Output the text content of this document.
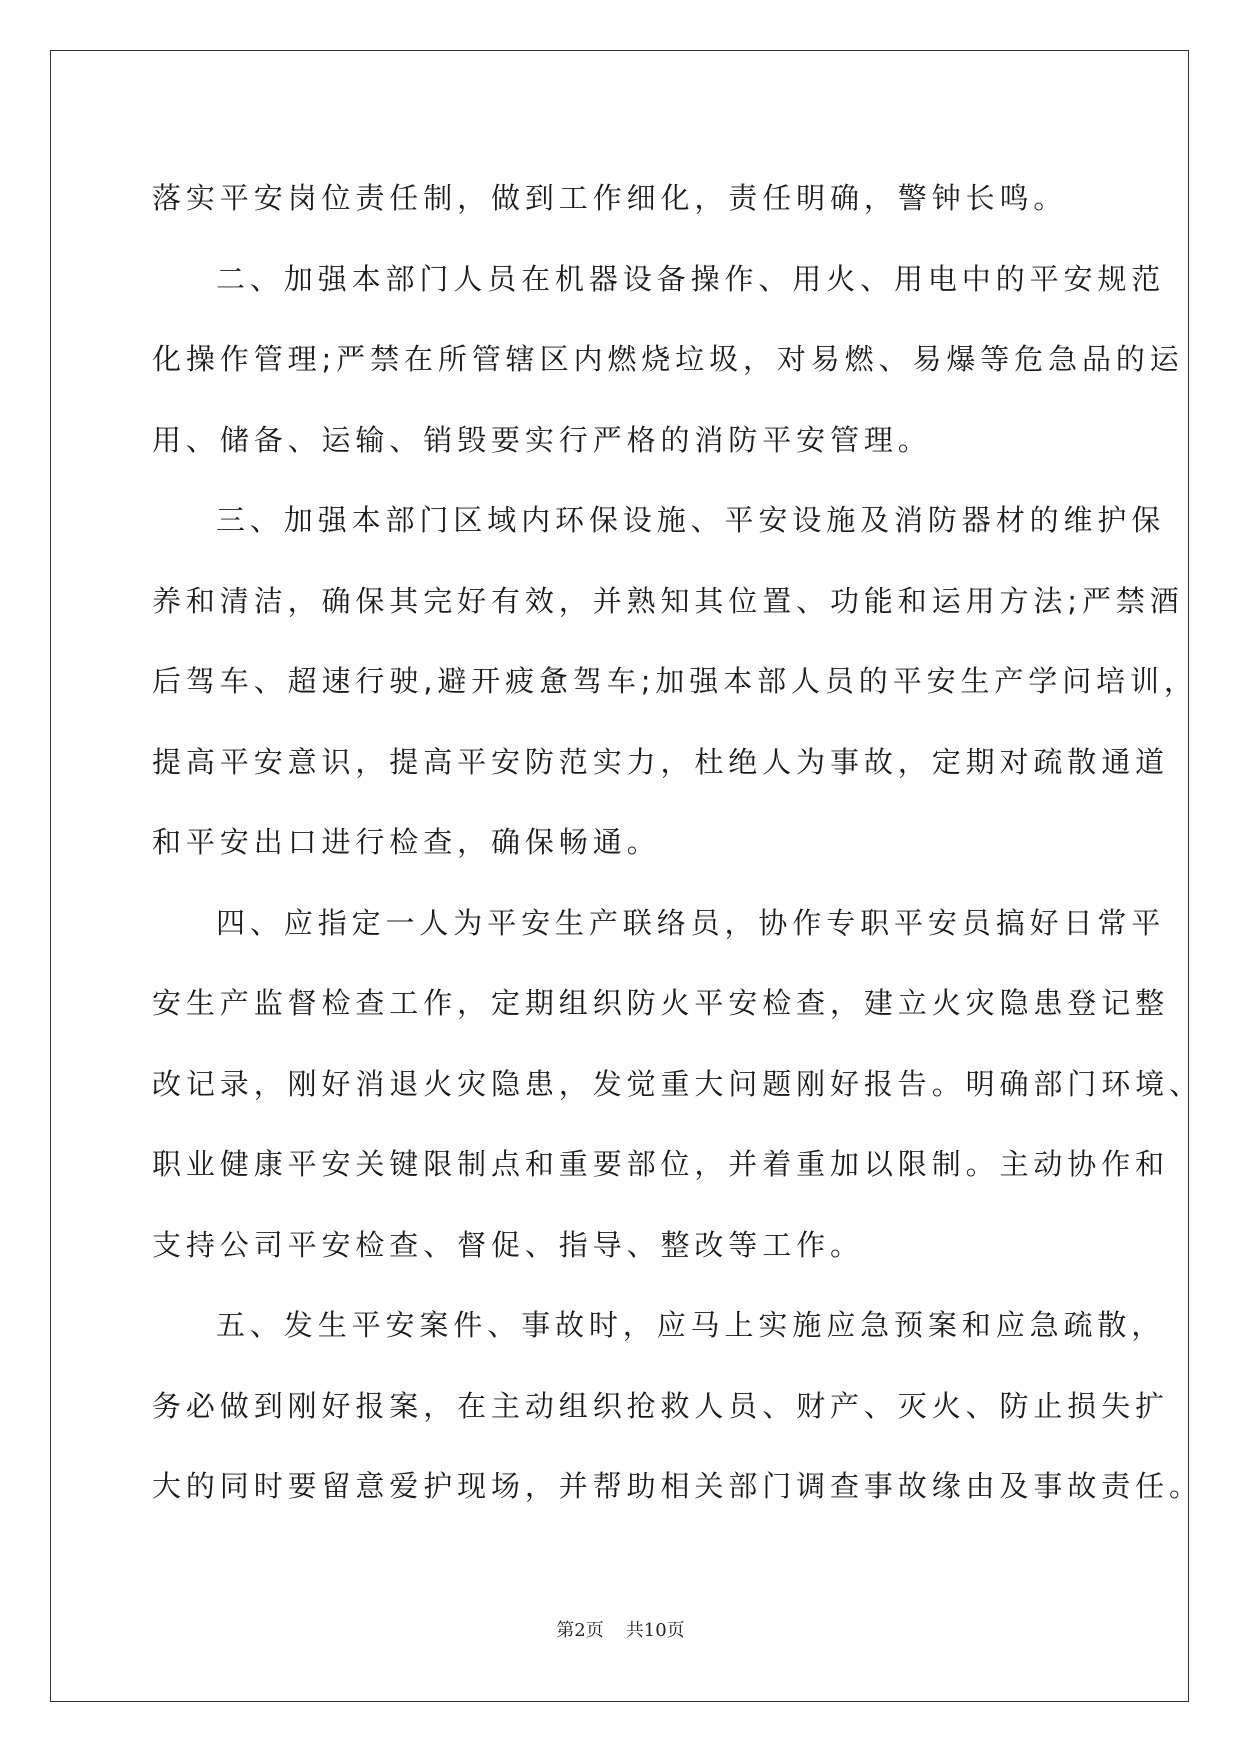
落实平安岗位责任制，做到工作细化，责任明确，警钟长鸣。
二、加强本部门人员在机器设备操作、用火、用电中的平安规范
化操作管理;严禁在所管辖区内燃烧垃圾，对易燃、易爆等危急品的运
用、储备、运输、销毁要实行严格的消防平安管理。
三、加强本部门区域内环保设施、平安设施及消防器材的维护保
养和清洁，确保其完好有效，并熟知其位置、功能和运用方法;严禁酒
后驾车、超速行驶,避开疲惫驾车;加强本部人员的平安生产学问培训，
提高平安意识，提高平安防范实力，杜绝人为事故，定期对疏散通道
和平安出口进行检查，确保畅通。
四、应指定一人为平安生产联络员，协作专职平安员搞好日常平
安生产监督检查工作，定期组织防火平安检查，建立火灾隐患登记整
改记录，刚好消退火灾隐患，发觉重大问题刚好报告。明确部门环境、
职业健康平安关键限制点和重要部位，并着重加以限制。主动协作和
支持公司平安检查、督促、指导、整改等工作。
五、发生平安案件、事故时，应马上实施应急预案和应急疏散，
务必做到刚好报案，在主动组织抢救人员、财产、灭火、防止损失扩
大的同时要留意爱护现场，并帮助相关部门调查事故缘由及事故责任。
第2页 共10页
